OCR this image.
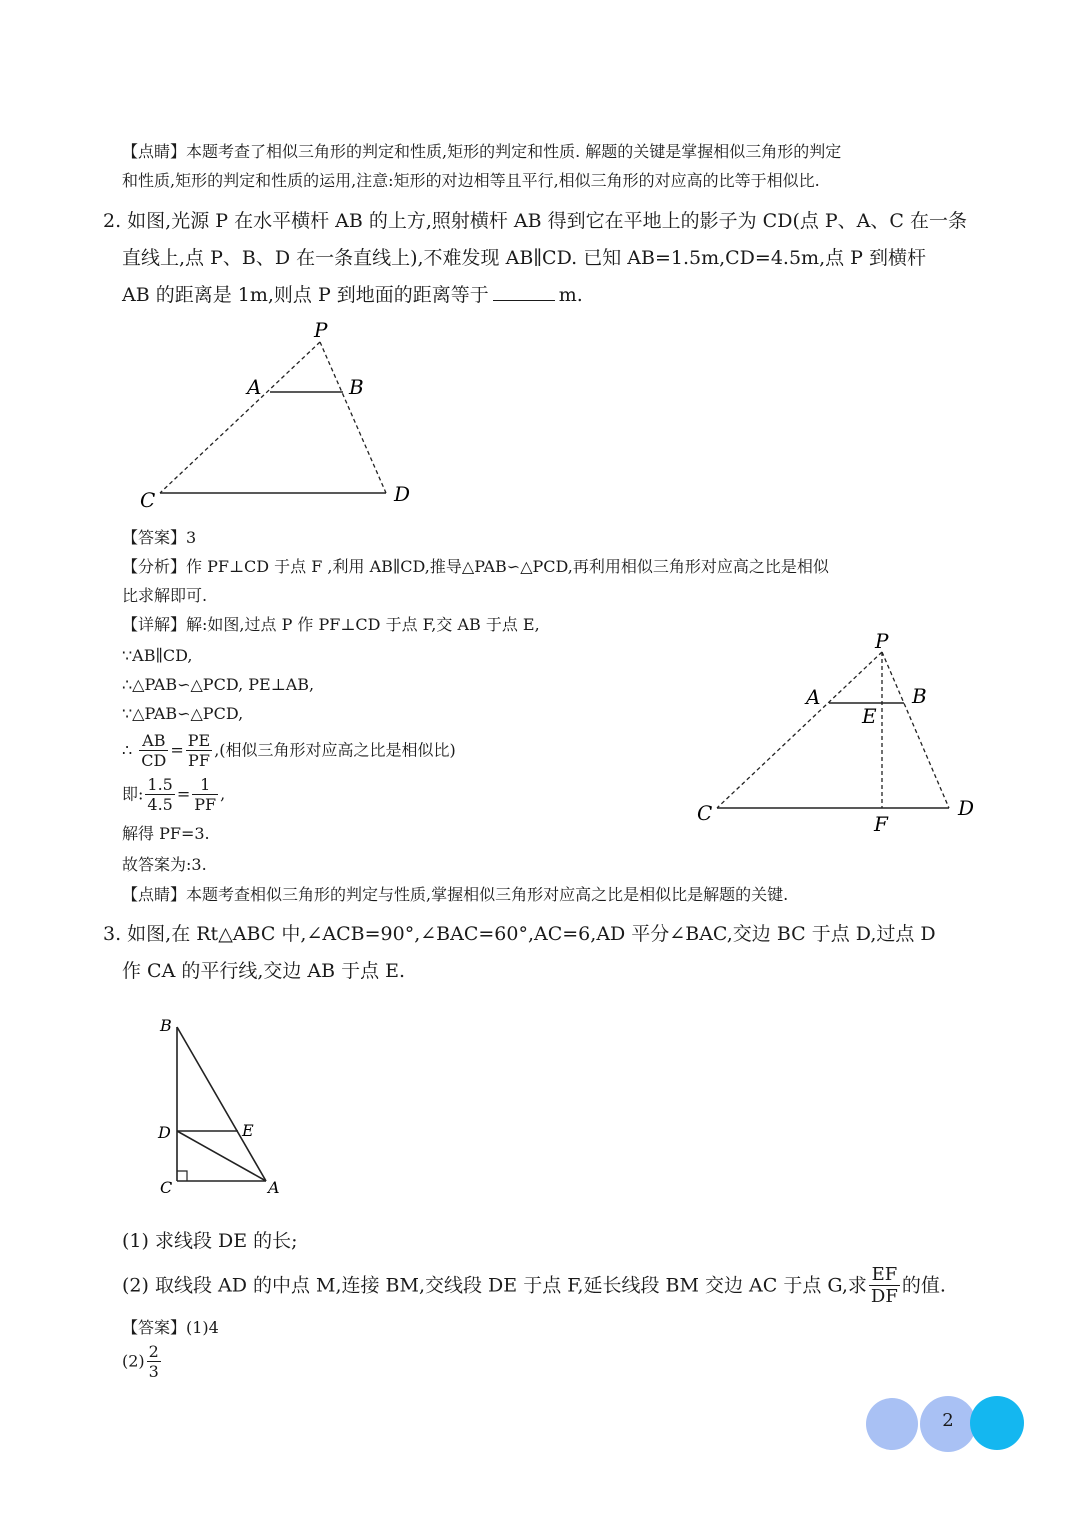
【点睛】本题考查了相似三角形的判定和性质,矩形的判定和性质. 解题的关键是掌握相似三角形的判定
和性质,矩形的判定和性质的运用,注意:矩形的对边相等且平行,相似三角形的对应高的比等于相似比.
2. 如图,光源 P 在水平横杆 AB 的上方,照射横杆 AB 得到它在平地上的影子为 CD(点 P、A、C 在一条
直线上,点 P、B、D 在一条直线上),不难发现 AB∥CD. 已知 AB=1.5m,CD=4.5m,点 P 到横杆
AB 的距离是 1m,则点 P 到地面的距离等于	m.
P
A	B
C	D
【答案】3
【分析】作 PF⊥CD 于点 F ,利用 AB∥CD,推导△PAB∽△PCD,再利用相似三角形对应高之比是相似
比求解即可.
【详解】解:如图,过点 P 作 PF⊥CD 于点 F,交 AB 于点 E,
∵AB∥CD,
∴△PAB∽△PCD, PE⊥AB,
∵△PAB∽△PCD,
∴ $\frac{AB}{CD} = \frac{PE}{PF}$ ,(相似三角形对应高之比是相似比)
即: $\frac{1.5}{4.5} = \frac{1}{PF}$ ,
解得 PF=3.
故答案为:3.
【点睛】本题考查相似三角形的判定与性质,掌握相似三角形对应高之比是相似比是解题的关键.
P
A	B
E
C	D
F
3. 如图,在 Rt△ABC 中,∠ACB=90°,∠BAC=60°,AC=6,AD 平分∠BAC,交边 BC 于点 D,过点 D
作 CA 的平行线,交边 AB 于点 E.
B
D	E
C	A
(1) 求线段 DE 的长;
(2) 取线段 AD 的中点 M,连接 BM,交线段 DE 于点 F,延长线段 BM 交边 AC 于点 G,求 $\frac{EF}{DF}$ 的值.
【答案】(1)4
$(2) \frac{2}{3}$
2
